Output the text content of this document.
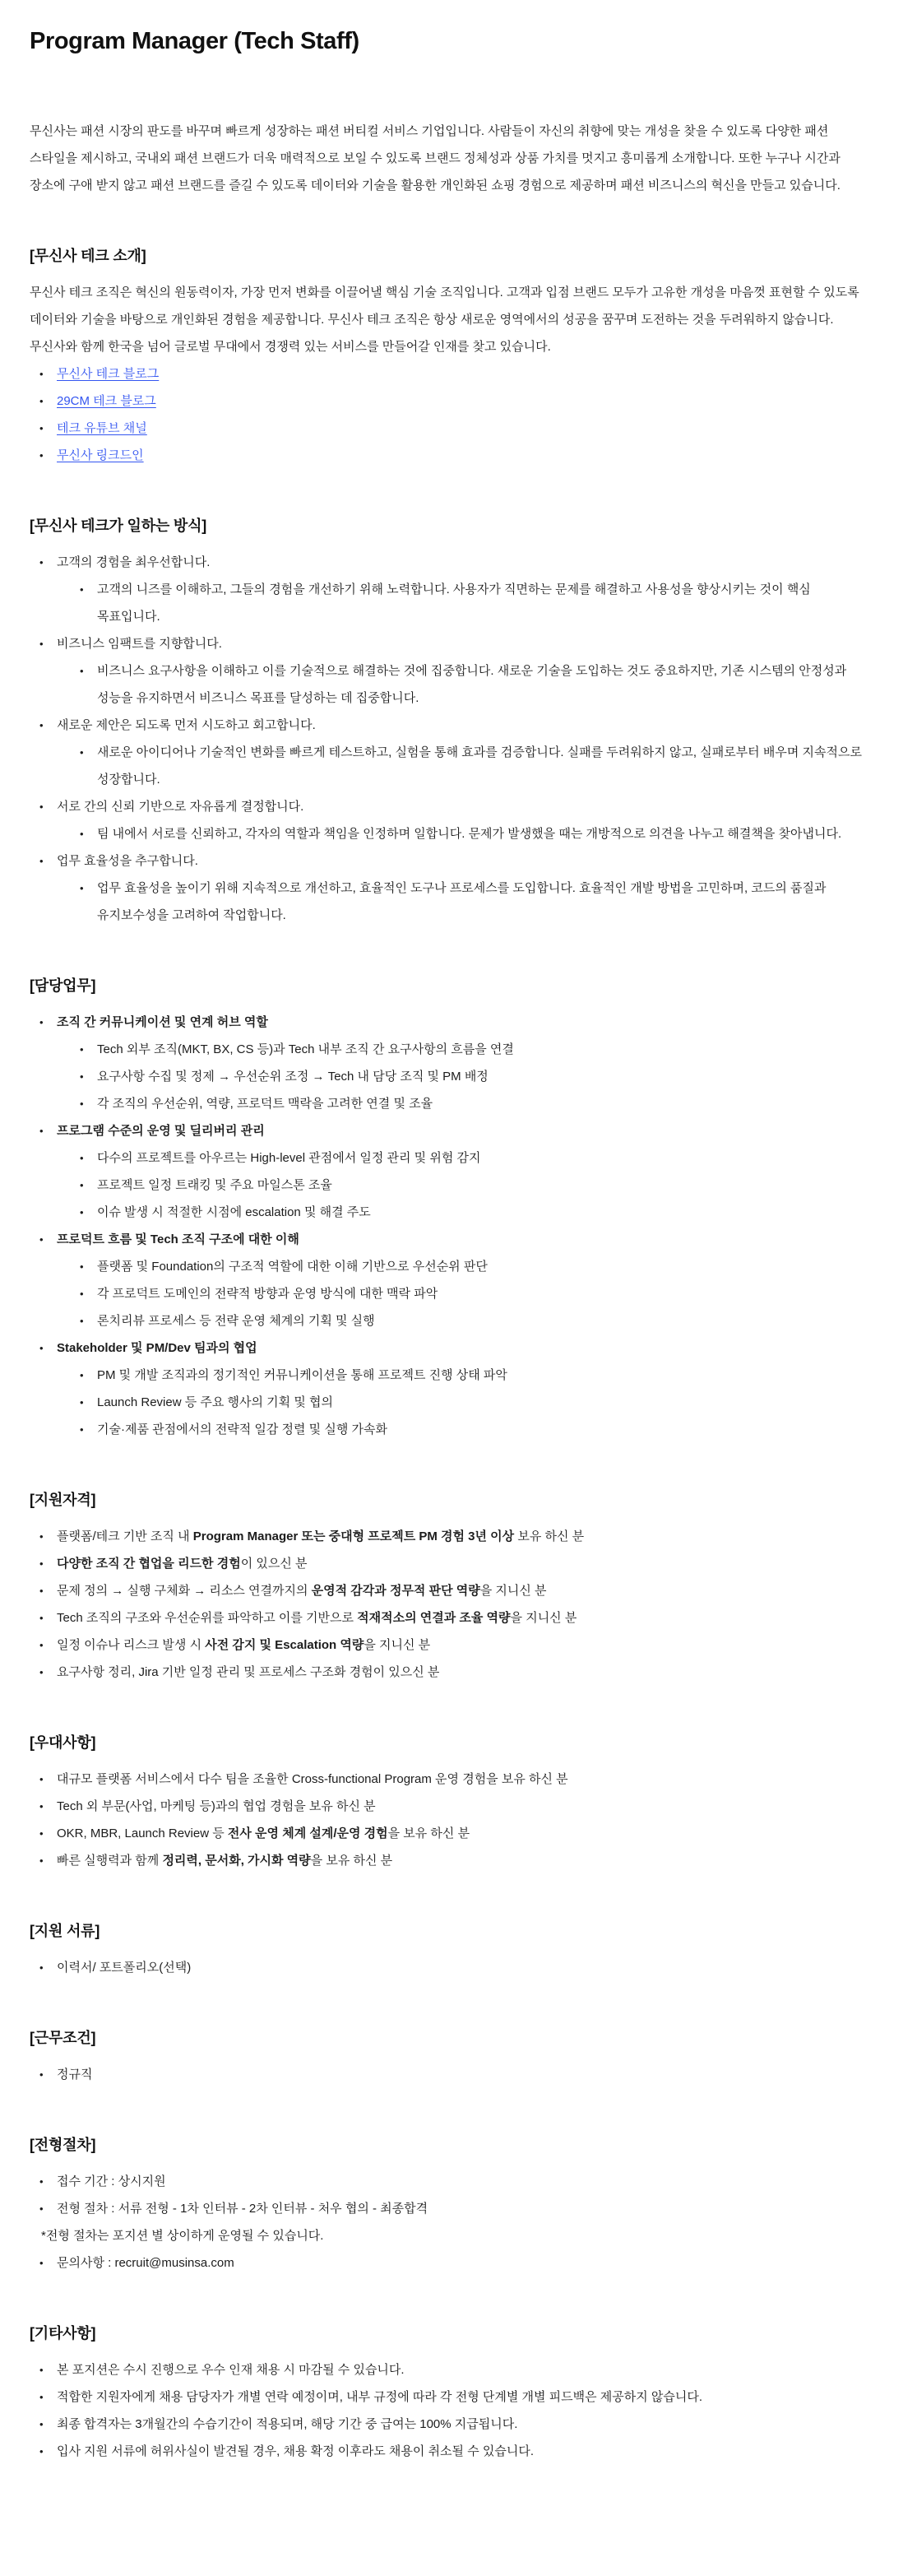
Program Manager (Tech Staff)

무신사는 패션 시장의 판도를 바꾸며 빠르게 성장하는 패션 버티컬 서비스 기업입니다. 사람들이 자신의 취향에 맞는 개성을 찾을 수 있도록 다양한 패션 스타일을 제시하고, 국내외 패션 브랜드가 더욱 매력적으로 보일 수 있도록 브랜드 정체성과 상품 가치를 멋지고 흥미롭게 소개합니다. 또한 누구나 시간과 장소에 구애 받지 않고 패션 브랜드를 즐길 수 있도록 데이터와 기술을 활용한 개인화된 쇼핑 경험으로 제공하며 패션 비즈니스의 혁신을 만들고 있습니다.

[무신사 테크 소개]

무신사 테크 조직은 혁신의 원동력이자, 가장 먼저 변화를 이끌어낼 핵심 기술 조직입니다. 고객과 입점 브랜드 모두가 고유한 개성을 마음껏 표현할 수 있도록 데이터와 기술을 바탕으로 개인화된 경험을 제공합니다. 무신사 테크 조직은 항상 새로운 영역에서의 성공을 꿈꾸며 도전하는 것을 두려워하지 않습니다. 무신사와 함께 한국을 넘어 글로벌 무대에서 경쟁력 있는 서비스를 만들어갈 인재를 찾고 있습니다.

• 무신사 테크 블로그
• 29CM 테크 블로그
• 테크 유튜브 채널
• 무신사 링크드인
[무신사 테크가 일하는 방식]
• 고객의 경험을 최우선합니다.
• 고객의 니즈를 이해하고, 그들의 경험을 개선하기 위해 노력합니다. 사용자가 직면하는 문제를 해결하고 사용성을 향상시키는 것이 핵심 목표입니다.
• 비즈니스 임팩트를 지향합니다.
• 비즈니스 요구사항을 이해하고 이를 기술적으로 해결하는 것에 집중합니다. 새로운 기술을 도입하는 것도 중요하지만, 기존 시스템의 안정성과 성능을 유지하면서 비즈니스 목표를 달성하는 데 집중합니다.
• 새로운 제안은 되도록 먼저 시도하고 회고합니다.
• 새로운 아이디어나 기술적인 변화를 빠르게 테스트하고, 실험을 통해 효과를 검증합니다. 실패를 두려워하지 않고, 실패로부터 배우며 지속적으로 성장합니다.
• 서로 간의 신뢰 기반으로 자유롭게 결정합니다.
• 팀 내에서 서로를 신뢰하고, 각자의 역할과 책임을 인정하며 일합니다. 문제가 발생했을 때는 개방적으로 의견을 나누고 해결책을 찾아냅니다.
• 업무 효율성을 추구합니다.
• 업무 효율성을 높이기 위해 지속적으로 개선하고, 효율적인 도구나 프로세스를 도입합니다. 효율적인 개발 방법을 고민하며, 코드의 품질과 유지보수성을 고려하여 작업합니다.
[담당업무]
• 조직 간 커뮤니케이션 및 연계 허브 역할
• Tech 외부 조직(MKT, BX, CS 등)과 Tech 내부 조직 간 요구사항의 흐름을 연결
• 요구사항 수집 및 정제 → 우선순위 조정 → Tech 내 담당 조직 및 PM 배정
• 각 조직의 우선순위, 역량, 프로덕트 맥락을 고려한 연결 및 조율
• 프로그램 수준의 운영 및 딜리버리 관리
• 다수의 프로젝트를 아우르는 High-level 관점에서 일정 관리 및 위험 감지
• 프로젝트 일정 트래킹 및 주요 마일스톤 조율
• 이슈 발생 시 적절한 시점에 escalation 및 해결 주도
• 프로덕트 흐름 및 Tech 조직 구조에 대한 이해
• 플랫폼 및 Foundation의 구조적 역할에 대한 이해 기반으로 우선순위 판단
• 각 프로덕트 도메인의 전략적 방향과 운영 방식에 대한 맥락 파악
• 론치리뷰 프로세스 등 전략 운영 체계의 기획 및 실행
• Stakeholder 및 PM/Dev 팀과의 협업
• PM 및 개발 조직과의 정기적인 커뮤니케이션을 통해 프로젝트 진행 상태 파악
• Launch Review 등 주요 행사의 기획 및 협의
• 기술·제품 관점에서의 전략적 일감 정렬 및 실행 가속화
[지원자격]
• 플랫폼/테크 기반 조직 내 Program Manager 또는 중대형 프로젝트 PM 경험 3년 이상 보유 하신 분
• 다양한 조직 간 협업을 리드한 경험이 있으신 분
• 문제 정의 → 실행 구체화 → 리소스 연결까지의 운영적 감각과 정무적 판단 역량을 지니신 분
• Tech 조직의 구조와 우선순위를 파악하고 이를 기반으로 적재적소의 연결과 조율 역량을 지니신 분
• 일정 이슈나 리스크 발생 시 사전 감지 및 Escalation 역량을 지니신 분
• 요구사항 정리, Jira 기반 일정 관리 및 프로세스 구조화 경험이 있으신 분
[우대사항]
• 대규모 플랫폼 서비스에서 다수 팀을 조율한 Cross-functional Program 운영 경험을 보유 하신 분
• Tech 외 부문(사업, 마케팅 등)과의 협업 경험을 보유 하신 분
• OKR, MBR, Launch Review 등 전사 운영 체계 설계/운영 경험을 보유 하신 분
• 빠른 실행력과 함께 정리력, 문서화, 가시화 역량을 보유 하신 분
[지원 서류]
• 이력서/ 포트폴리오(선택)
[근무조건]
• 정규직
[전형절차]
• 접수 기간 : 상시지원
• 전형 절차 : 서류 전형 - 1차 인터뷰 - 2차 인터뷰 - 처우 협의 - 최종합격

*전형 절차는 포지션 별 상이하게 운영될 수 있습니다.

• 문의사항 : recruit@musinsa.com
[기타사항]
• 본 포지션은 수시 진행으로 우수 인재 채용 시 마감될 수 있습니다.
• 적합한 지원자에게 채용 담당자가 개별 연락 예정이며, 내부 규정에 따라 각 전형 단계별 개별 피드백은 제공하지 않습니다.
• 최종 합격자는 3개월간의 수습기간이 적용되며, 해당 기간 중 급여는 100% 지급됩니다.
• 입사 지원 서류에 허위사실이 발견될 경우, 채용 확정 이후라도 채용이 취소될 수 있습니다.
